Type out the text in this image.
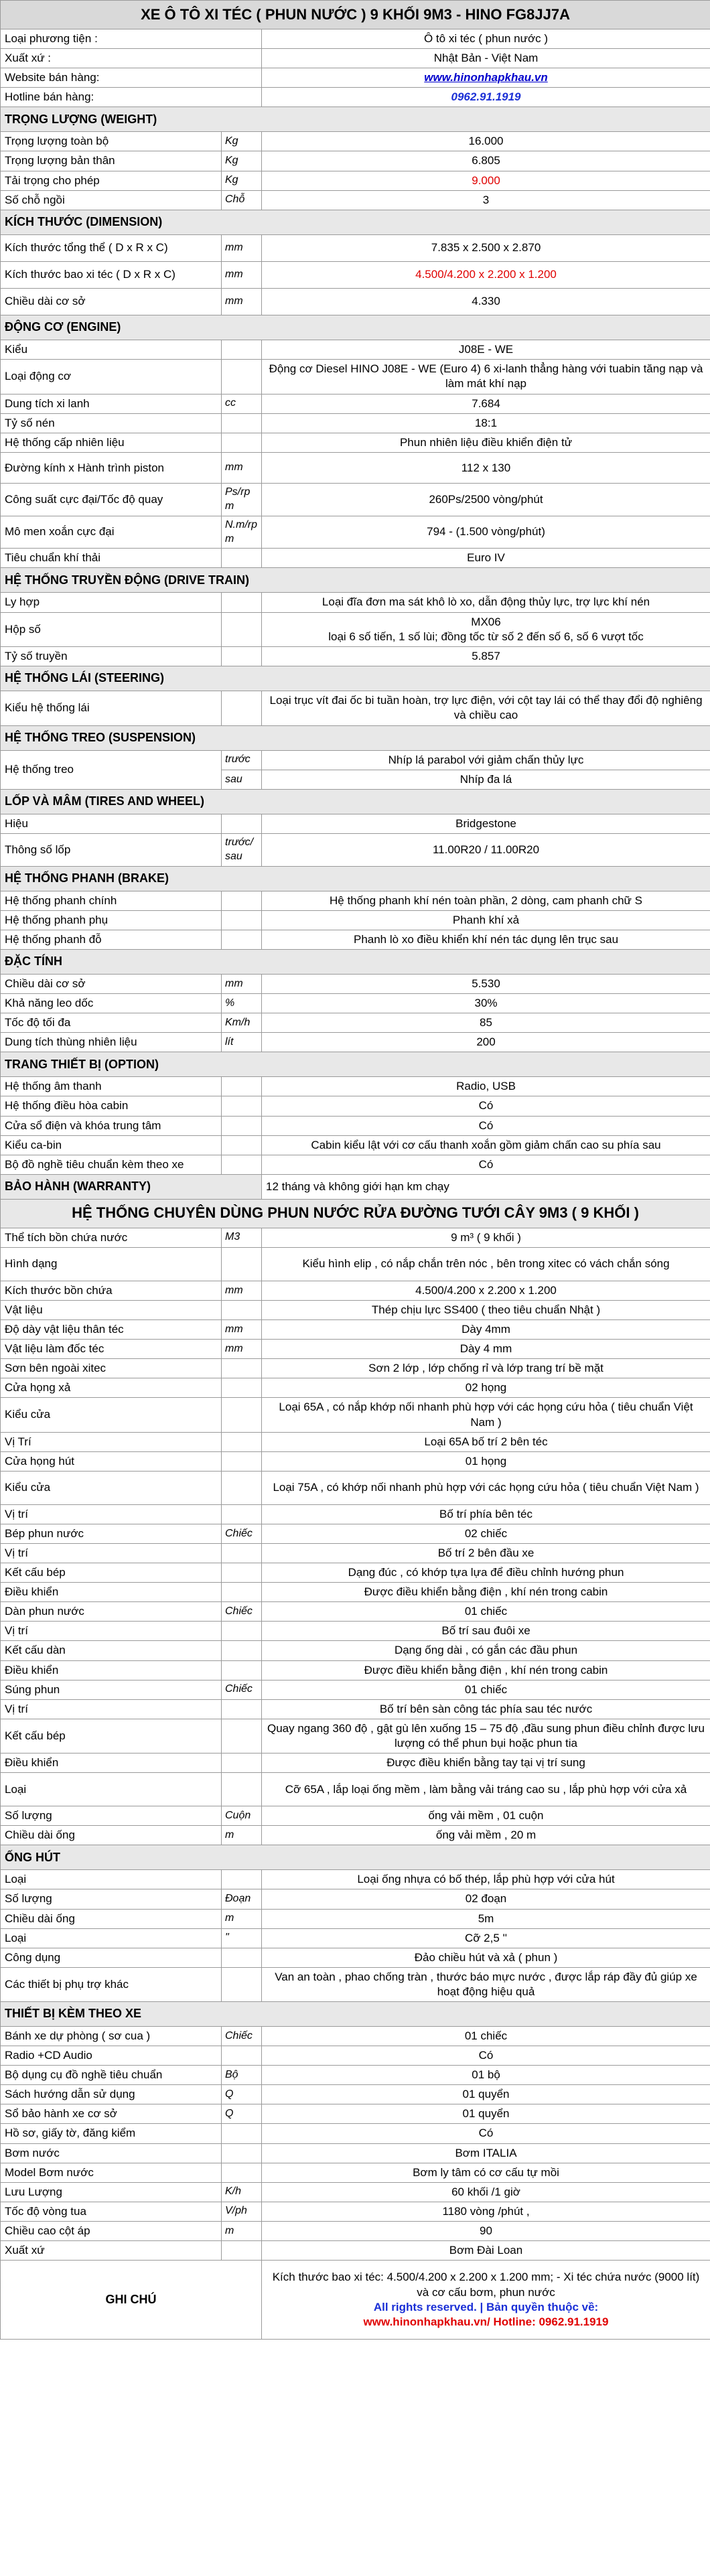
XE Ô TÔ XI TÉC ( PHUN NƯỚC ) 9 KHỐI 9M3 - HINO FG8JJ7A		
Loại phương tiện :		Ô tô xi téc ( phun nước )
Xuất xứ :		Nhật Bản - Việt Nam
Website bán hàng:		www.hinonhapkhau.vn
Hotline bán hàng:		0962.91.1919
TRỌNG LƯỢNG (WEIGHT)		
Trọng lượng toàn bộ	Kg	16.000
Trọng lượng bản thân	Kg	6.805
Tải trọng cho phép	Kg	9.000
Số chỗ ngồi	Chỗ	3
KÍCH THƯỚC (DIMENSION)		
Kích thước tổng thể ( D x R x C)	mm	7.835 x 2.500 x 2.870
Kích thước bao xi téc ( D x R x C)	mm	4.500/4.200 x 2.200 x 1.200
Chiều dài cơ sở	mm	4.330
ĐỘNG CƠ (ENGINE)		
Kiểu		J08E - WE
Loại động cơ		Động cơ Diesel HINO J08E - WE (Euro 4) 6 xi-lanh thẳng hàng với tuabin tăng nạp và làm mát khí nạp
Dung tích xi lanh	cc	7.684
Tỷ số nén		18:1
Hệ thống cấp nhiên liệu		Phun nhiên liệu điều khiển điện tử
Đường kính x Hành trình piston	mm	112 x 130
Công suất cực đại/Tốc độ quay	Ps/rpm	260Ps/2500 vòng/phút
Mô men xoắn cực đại	N.m/rpm	794 - (1.500 vòng/phút)
Tiêu chuẩn khí thải		Euro IV
HỆ THỐNG TRUYỀN ĐỘNG (DRIVE TRAIN)		
Ly hợp		Loại đĩa đơn ma sát khô lò xo, dẫn động thủy lực, trợ lực khí nén
Hộp số		MX06
loại 6 số tiến, 1 số lùi; đồng tốc từ số 2 đến số 6, số 6 vượt tốc

Tỷ số truyền		5.857
HỆ THỐNG LÁI (STEERING)		
Kiểu hệ thống lái		Loại trục vít đai ốc bi tuần hoàn, trợ lực điện, với cột tay lái có thể thay đổi độ nghiêng và chiều cao
HỆ THỐNG TREO (SUSPENSION)		
Hệ thống treo	trước	Nhíp lá parabol với giảm chấn thủy lực
	sau	Nhíp đa lá
LỐP VÀ MÂM (TIRES AND WHEEL)		
Hiệu		Bridgestone
Thông số lốp	trước/sau	11.00R20 / 11.00R20
HỆ THỐNG PHANH (BRAKE)		
Hệ thống phanh chính		Hệ thống phanh khí nén toàn phần, 2 dòng, cam phanh chữ S
Hệ thống phanh phụ		Phanh khí xả
Hệ thống phanh đỗ		Phanh lò xo điều khiển khí nén tác dụng lên trục sau
ĐẶC TÍNH		
Chiều dài cơ sở	mm	5.530
Khả năng leo dốc	%	30%
Tốc độ tối đa	Km/h	85
Dung tích thùng nhiên liệu	lít	200
TRANG THIẾT BỊ (OPTION)		
Hệ thống âm thanh		Radio, USB
Hệ thống điều hòa cabin		Có
Cửa sổ điện và khóa trung tâm		Có
Kiểu ca-bin		Cabin kiểu lật với cơ cấu thanh xoắn gồm giảm chấn cao su phía sau
Bộ đồ nghề tiêu chuẩn kèm theo xe		Có
BẢO HÀNH (WARRANTY)		12 tháng và không giới hạn km chạy
HỆ THỐNG CHUYÊN DÙNG PHUN NƯỚC RỬA ĐƯỜNG TƯỚI CÂY 9M3 ( 9 KHỐI )		
Thể tích bồn chứa nước	M3	9 m³ ( 9 khối )
Hình dạng		Kiểu hình elip , có nắp chắn trên nóc , bên trong xitec có vách chắn sóng
Kích thước bồn chứa	mm	4.500/4.200 x 2.200 x 1.200
Vật liệu		Thép chịu lực SS400 ( theo tiêu chuẩn Nhật )
Độ dày vật liệu thân téc	mm	Dày 4mm
Vật liệu làm đốc téc	mm	Dày 4 mm
Sơn bên ngoài xitec		Sơn 2 lớp , lớp chống rỉ và lớp trang trí bề mặt
Cửa họng xả		02 họng
Kiểu cửa		Loại 65A , có nắp khớp nối nhanh phù hợp với các họng cứu hỏa ( tiêu chuẩn Việt Nam )
Vị Trí		Loại 65A bố trí 2 bên téc
Cửa họng hút		01 họng
Kiểu cửa		Loại 75A , có khớp nối nhanh phù hợp với các họng cứu hỏa ( tiêu chuẩn Việt Nam )
Vị trí		Bố trí phía bên téc
Bép phun nước	Chiếc	02 chiếc
Vị trí		Bố trí 2 bên đầu xe
Kết cấu bép		Dạng đúc , có khớp tựa lựa để điều chỉnh hướng phun
Điều khiển		Được điều khiển bằng điện , khí nén trong cabin
Dàn phun nước	Chiếc	01 chiếc
Vị trí		Bố trí sau đuôi xe
Kết cấu dàn		Dạng ống dài , có gắn các đầu phun
Điều khiển		Được điều khiển bằng điện , khí nén trong cabin
Súng phun	Chiếc	01 chiếc
Vị trí		Bố trí bên sàn công tác phía sau téc nước
Kết cấu bép		Quay ngang 360 độ , gật gù lên xuống 15 – 75 độ ,đầu sung phun điều chỉnh được lưu lượng có thể phun bụi hoặc phun tia
Điều khiển		Được điều khiển bằng tay tại vị trí sung
Loại		Cỡ 65A , lắp loại ống mềm , làm bằng vải tráng cao su , lắp phù hợp với cửa xả
Số lượng	Cuộn	ống vải mềm , 01 cuộn
Chiều dài ống	m	ống vải mềm , 20 m
ỐNG HÚT		
Loại		Loại ống nhựa có bố thép, lắp phù hợp với cửa hút
Số lượng	Đoạn	02 đoạn
Chiều dài ống	m	5m
Loại	"	Cỡ 2,5 ''
Công dụng		Đảo chiều hút và xả ( phun )
Các thiết bị phụ trợ khác		Van an toàn , phao chống tràn , thước báo mực nước , được lắp ráp đầy đủ giúp xe hoạt động hiệu quả
THIẾT BỊ KÈM THEO XE		
Bánh xe dự phòng ( sơ cua )	Chiếc	01 chiếc
Radio +CD Audio		Có
Bộ dụng cụ đồ nghề tiêu chuẩn	Bộ	01 bộ
Sách hướng dẫn sử dụng	Q	01 quyển
Sổ bảo hành xe cơ sở	Q	01 quyển
Hồ sơ, giấy tờ, đăng kiểm		Có
Bơm nước		Bơm ITALIA
Model Bơm nước		Bơm ly tâm có cơ cấu tự mồi
Lưu Lượng	K/h	60 khối /1 giờ
Tốc độ vòng tua	V/ph	1180 vòng /phút ,
Chiều cao cột áp	m	90
Xuất xứ		Bơm Đài Loan
GHI CHÚ		Kích thước bao xi téc: 4.500/4.200 x 2.200 x 1.200 mm; - Xi téc chứa nước (9000 lít) và cơ cấu bơm, phun nước
All rights reserved. | Bản quyền thuộc về:
www.hinonhapkhau.vn/ Hotline: 0962.91.1919
